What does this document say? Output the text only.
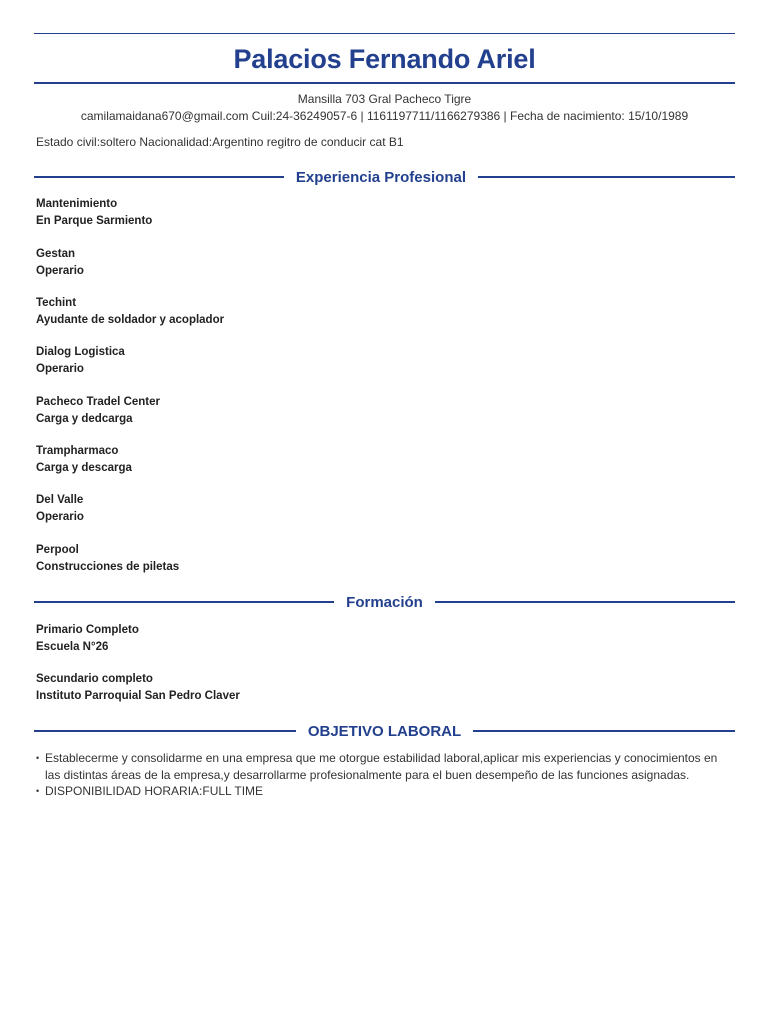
Palacios Fernando Ariel
Mansilla 703 Gral Pacheco Tigre
camilamaidana670@gmail.com Cuil:24-36249057-6 | 1161197711/1166279386 | Fecha de nacimiento: 15/10/1989
Estado civil:soltero Nacionalidad:Argentino regitro de conducir cat B1
Experiencia Profesional
Mantenimiento
En Parque Sarmiento
Gestan
Operario
Techint
Ayudante de soldador y acoplador
Dialog Logistica
Operario
Pacheco Tradel Center
Carga y dedcarga
Trampharmaco
Carga y descarga
Del Valle
Operario
Perpool
Construcciones de piletas
Formación
Primario Completo
Escuela N°26
Secundario completo
Instituto Parroquial San Pedro Claver
OBJETIVO LABORAL
• Establecerme y consolidarme en una empresa que me otorgue estabilidad laboral,aplicar mis experiencias y conocimientos en las distintas áreas de la empresa,y desarrollarme profesionalmente para el buen desempeño de las funciones asignadas.
• DISPONIBILIDAD HORARIA:FULL TIME
